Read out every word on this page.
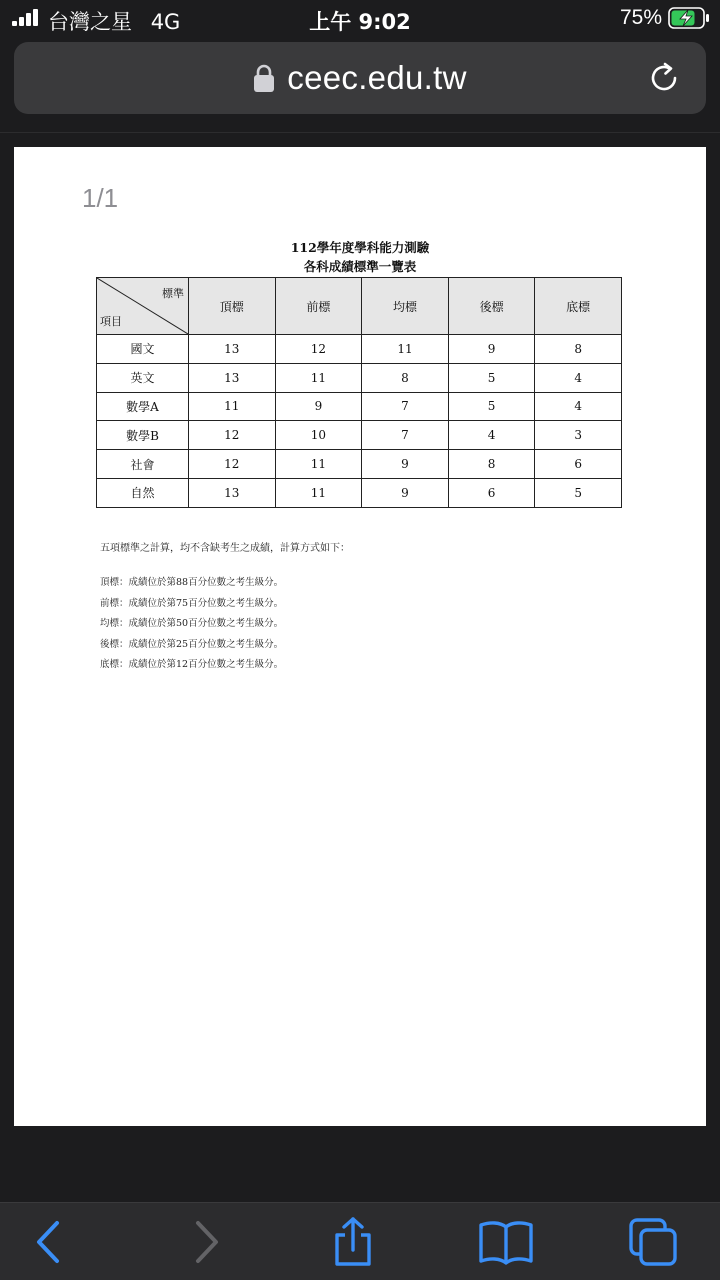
台灣之星 4G	上午 9:02	75%
ceec.edu.tw
1/1
112學年度學科能力測驗
各科成績標準一覽表
標準
項目	頂標	前標	均標	後標	底標
國文	13	12	11	9	8
英文	13	11	8	5	4
數學A	11	9	7	5	4
數學B	12	10	7	4	3
社會	12	11	9	8	6
自然	13	11	9	6	5
五項標準之計算，均不含缺考生之成績，計算方式如下：
頂標：成績位於第88百分位數之考生級分。
前標：成績位於第75百分位數之考生級分。
均標：成績位於第50百分位數之考生級分。
後標：成績位於第25百分位數之考生級分。
底標：成績位於第12百分位數之考生級分。
